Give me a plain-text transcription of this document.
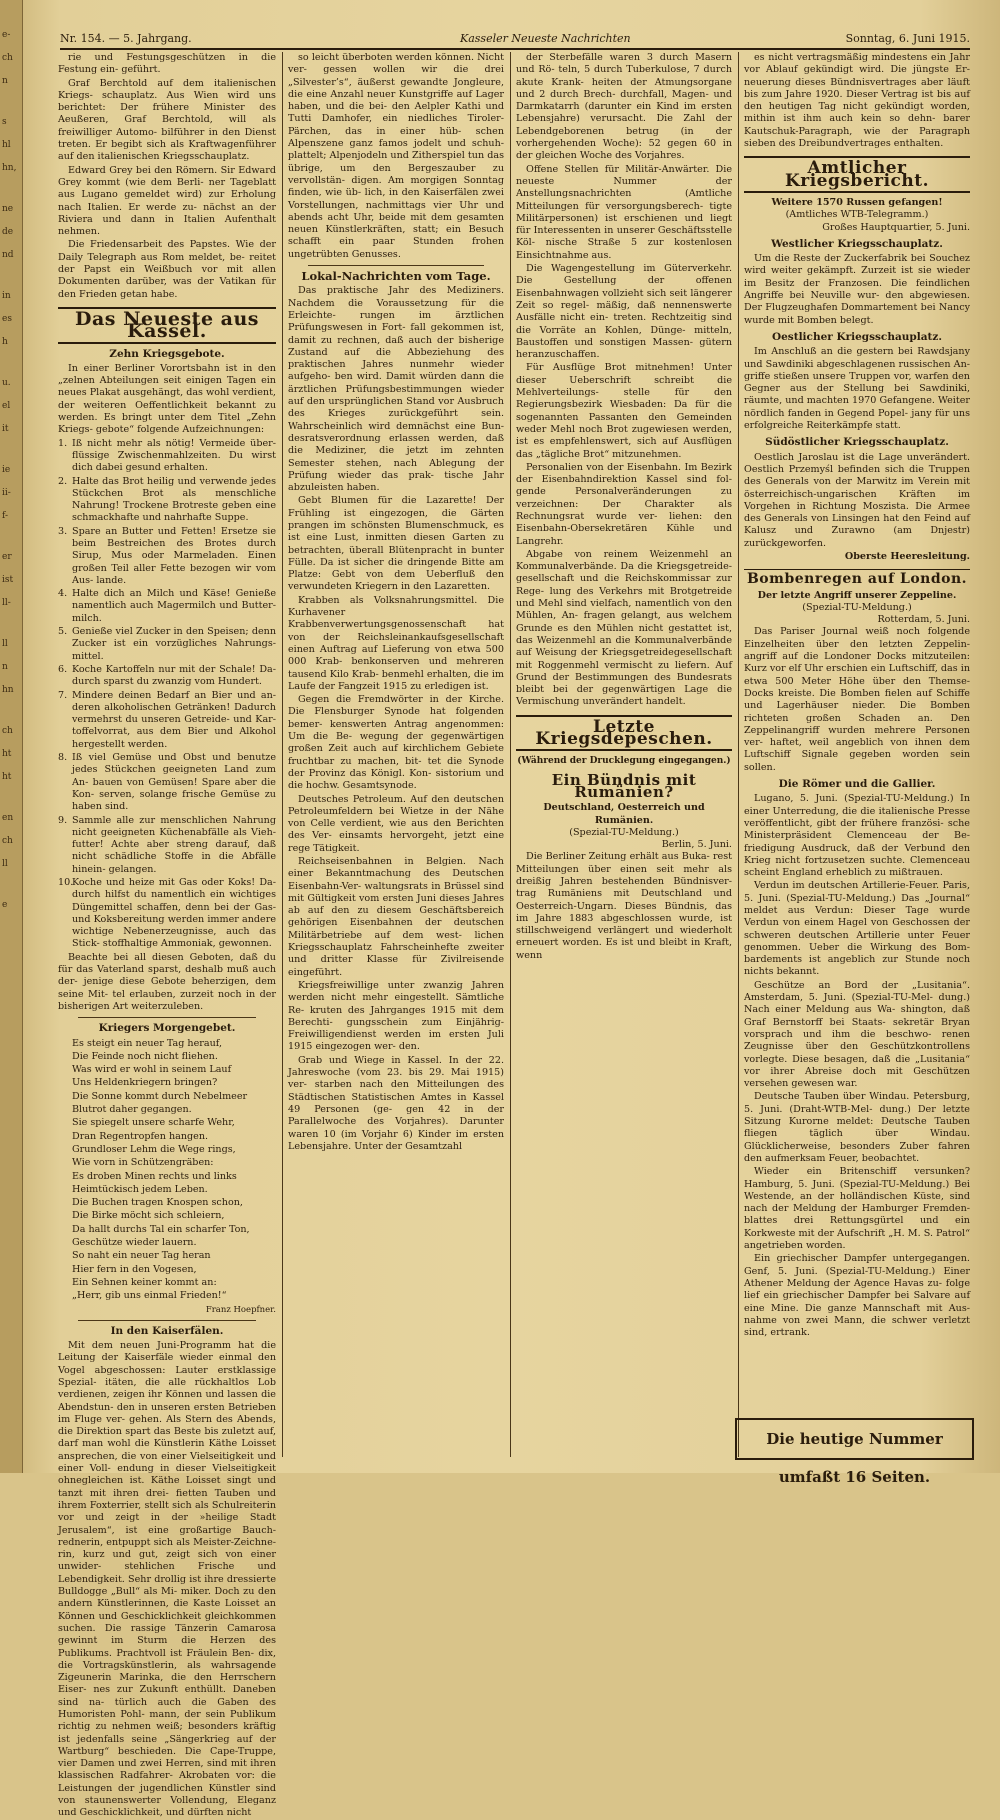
e-
ch
n
s
hl
hn,
ne
de
nd
in
es
h
u.
el
it
ie
ii-
f-
er
ist
ll-
ll
n
hn
ch
ht
ht
en
ch
ll
e
Nr. 154. — 5. Jahrgang.	Kasseler Neueste Nachrichten	Sonntag, 6. Juni 1915.

rie und Festungsgeschützen in die Festung ein- geführt.

Graf Berchtold auf dem italienischen Kriegs- schauplatz. Aus Wien wird uns berichtet: Der frühere Minister des Aeußeren, Graf Berchtold, will als freiwilliger Automo- bilführer in den Dienst treten. Er begibt sich als Kraftwagenführer auf den italienischen Kriegsschauplatz.

Edward Grey bei den Römern. Sir Edward Grey kommt (wie dem Berli- ner Tageblatt aus Lugano gemeldet wird) zur Erholung nach Italien. Er werde zu- nächst an der Riviera und dann in Italien Aufenthalt nehmen.

Die Friedensarbeit des Papstes. Wie der Daily Telegraph aus Rom meldet, be- reitet der Papst ein Weißbuch vor mit allen Dokumenten darüber, was der Vatikan für den Frieden getan habe.

Das Neueste aus Kassel.
Zehn Kriegsgebote.

In einer Berliner Vorortsbahn ist in den „zelnen Abteilungen seit einigen Tagen ein neues Plakat ausgehängt, das wohl verdient, der weiteren Oeffentlichkeit bekannt zu werden. Es bringt unter dem Titel „Zehn Kriegs- gebote“ folgende Aufzeichnungen:

1. Iß nicht mehr als nötig! Vermeide über- flüssige Zwischenmahlzeiten. Du wirst dich dabei gesund erhalten.

2. Halte das Brot heilig und verwende jedes Stückchen Brot als menschliche Nahrung! Trockene Brotreste geben eine schmackhafte und nahrhafte Suppe.

3. Spare an Butter und Fetten! Ersetze sie beim Bestreichen des Brotes durch Sirup, Mus oder Marmeladen. Einen großen Teil aller Fette bezogen wir vom Aus- lande.

4. Halte dich an Milch und Käse! Genieße namentlich auch Magermilch und Butter- milch.

5. Genieße viel Zucker in den Speisen; denn Zucker ist ein vorzügliches Nahrungs- mittel.

6. Koche Kartoffeln nur mit der Schale! Da- durch sparst du zwanzig vom Hundert.

7. Mindere deinen Bedarf an Bier und an- deren alkoholischen Getränken! Dadurch vermehrst du unseren Getreide- und Kar- toffelvorrat, aus dem Bier und Alkohol hergestellt werden.

8. Iß viel Gemüse und Obst und benutze jedes Stückchen geeigneten Land zum An- bauen von Gemüsen! Spare aber die Kon- serven, solange frische Gemüse zu haben sind.

9. Sammle alle zur menschlichen Nahrung nicht geeigneten Küchenabfälle als Vieh- futter! Achte aber streng darauf, daß nicht schädliche Stoffe in die Abfälle hinein- gelangen.

10.
Koche und heize mit Gas oder Koks! Da- durch hilfst du namentlich ein wichtiges Düngemittel schaffen, denn bei der Gas- und Koksbereitung werden immer andere wichtige Nebenerzeugnisse, auch das Stick- stoffhaltige Ammoniak, gewonnen.

Beachte bei all diesen Geboten, daß du für das Vaterland sparst, deshalb muß auch der- jenige diese Gebote beherzigen, dem seine Mit- tel erlauben, zurzeit noch in der bisherigen Art weiterzuleben.

Kriegers Morgengebet.

Es steigt ein neuer Tag herauf,

Die Feinde noch nicht fliehen.

Was wird er wohl in seinem Lauf

Uns Heldenkriegern bringen?

Die Sonne kommt durch Nebelmeer

Blutrot daher gegangen.

Sie spiegelt unsere scharfe Wehr,

Dran Regentropfen hangen.

Grundloser Lehm die Wege rings,

Wie vorn in Schützengräben:

Es droben Minen rechts und links

Heimtückisch jedem Leben.

Die Buchen tragen Knospen schon,

Die Birke möcht sich schleiern,

Da hallt durchs Tal ein scharfer Ton,

Geschütze wieder lauern.

So naht ein neuer Tag heran

Hier fern in den Vogesen,

Ein Sehnen keiner kommt an:

„Herr, gib uns einmal Frieden!“

Franz Hoepfner.

In den Kaiserfälen.

Mit dem neuen Juni-Programm hat die Leitung der Kaiserfäle wieder einmal den Vogel abgeschossen: Lauter erstklassige Spezial- itäten, die alle rückhaltlos Lob verdienen, zeigen ihr Können und lassen die Abendstun- den in unseren ersten Betrieben im Fluge ver- gehen. Als Stern des Abends, die Direktion spart das Beste bis zuletzt auf, darf man wohl die Künstlerin Käthe Loisset ansprechen, die von einer Vielseitigkeit und einer Voll- endung in dieser Vielseitigkeit ohnegleichen ist. Käthe Loisset singt und tanzt mit ihren drei- fietten Tauben und ihrem Foxterrier, stellt sich als Schulreiterin vor und zeigt in der »heilige Stadt Jerusalem“, ist eine großartige Bauch- rednerin, entpuppt sich als Meister-Zeichne- rin, kurz und gut, zeigt sich von einer unwider- stehlichen Frische und Lebendigkeit. Sehr drollig ist ihre dressierte Bulldogge „Bull“ als Mi- miker. Doch zu den andern Künstlerinnen, die Kaste Loisset an Können und Geschicklichkeit gleichkommen suchen. Die rassige Tänzerin Camarosa gewinnt im Sturm die Herzen des Publikums. Prachtvoll ist Fräulein Ben- dix, die Vortragskünstlerin, als wahrsagende Zigeunerin Marinka, die den Herrschern Eiser- nes zur Zukunft enthüllt. Daneben sind na- türlich auch die Gaben des Humoristen Pohl- mann, der sein Publikum richtig zu nehmen weiß; besonders kräftig ist jedenfalls seine „Sängerkrieg auf der Wartburg“ beschieden. Die Cape-Truppe, vier Damen und zwei Herren, sind mit ihren klassischen Radfahrer- Akrobaten vor: die Leistungen der jugendlichen Künstler sind von staunenswerter Vollendung, Eleganz und Geschicklichkeit, und dürften nicht

so leicht überboten werden können. Nicht ver- gessen wollen wir die drei „Silvester’s“, äußerst gewandte Jongleure, die eine Anzahl neuer Kunstgriffe auf Lager haben, und die bei- den Aelpler Kathi und Tutti Damhofer, ein niedliches Tiroler-Pärchen, das in einer hüb- schen Alpenszene ganz famos jodelt und schuh- plattelt; Alpenjodeln und Zitherspiel tun das übrige, um den Bergeszauber zu vervollstän- digen. Am morgigen Sonntag finden, wie üb- lich, in den Kaiserfälen zwei Vorstellungen, nachmittags vier Uhr und abends acht Uhr, beide mit dem gesamten neuen Künstlerkräften, statt; ein Besuch schafft ein paar Stunden frohen ungetrübten Genusses.

Lokal-Nachrichten vom Tage.

Das praktische Jahr des Mediziners. Nachdem die Voraussetzung für die Erleichte- rungen im ärztlichen Prüfungswesen in Fort- fall gekommen ist, damit zu rechnen, daß auch der bisherige Zustand auf die Abbeziehung des praktischen Jahres nunmehr wieder aufgeho- ben wird. Damit würden dann die ärztlichen Prüfungsbestimmungen wieder auf den ursprünglichen Stand vor Ausbruch des Krieges zurückgeführt sein. Wahrscheinlich wird demnächst eine Bun- desratsverordnung erlassen werden, daß die Mediziner, die jetzt im zehnten Semester stehen, nach Ablegung der Prüfung wieder das prak- tische Jahr abzuleisten haben.

Gebt Blumen für die Lazarette! Der Frühling ist eingezogen, die Gärten prangen im schönsten Blumenschmuck, es ist eine Lust, inmitten diesen Garten zu betrachten, überall Blütenpracht in bunter Fülle. Da ist sicher die dringende Bitte am Platze: Gebt von dem Ueberfluß den verwundeten Kriegern in den Lazaretten.

Krabben als Volksnahrungsmittel. Die Kurhavener Krabbenverwertungsgenossenschaft hat von der Reichsleinankaufsgesellschaft einen Auftrag auf Lieferung von etwa 500 000 Krab- benkonserven und mehreren tausend Kilo Krab- benmehl erhalten, die im Laufe der Fangzeit 1915 zu erledigen ist.

Gegen die Fremdwörter in der Kirche. Die Flensburger Synode hat folgenden bemer- kenswerten Antrag angenommen: Um die Be- wegung der gegenwärtigen großen Zeit auch auf kirchlichem Gebiete fruchtbar zu machen, bit- tet die Synode der Provinz das Königl. Kon- sistorium und die hochw. Gesamtsynode.

Deutsches Petroleum. Auf den deutschen Petroleumfeldern bei Wietze in der Nähe von Celle verdient, wie aus den Berichten des Ver- einsamts hervorgeht, jetzt eine rege Tätigkeit.

Reichseisenbahnen in Belgien. Nach einer Bekanntmachung des Deutschen Eisenbahn-Ver- waltungsrats in Brüssel sind mit Gültigkeit vom ersten Juni dieses Jahres ab auf den zu diesem Geschäftsbereich gehörigen Eisenbahnen der deutschen Militärbetriebe auf dem west- lichen Kriegsschauplatz Fahrscheinhefte zweiter und dritter Klasse für Zivilreisende eingeführt.

Kriegsfreiwillige unter zwanzig Jahren werden nicht mehr eingestellt. Sämtliche Re- kruten des Jahrganges 1915 mit dem Berechti- gungsschein zum Einjährig-Freiwilligendienst werden im ersten Juli 1915 eingezogen wer- den.

Grab und Wiege in Kassel. In der 22. Jahreswoche (vom 23. bis 29. Mai 1915) ver- starben nach den Mitteilungen des Städtischen Statistischen Amtes in Kassel 49 Personen (ge- gen 42 in der Parallelwoche des Vorjahres). Darunter waren 10 (im Vorjahr 6) Kinder im ersten Lebensjahre. Unter der Gesamtzahl

der Sterbefälle waren 3 durch Masern und Rö- teln, 5 durch Tuberkulose, 7 durch akute Krank- heiten der Atmungsorgane und 2 durch Brech- durchfall, Magen- und Darmkatarrh (darunter ein Kind im ersten Lebensjahre) verursacht. Die Zahl der Lebendgeborenen betrug (in der vorhergehenden Woche): 52 gegen 60 in der gleichen Woche des Vorjahres.

Offene Stellen für Militär-Anwärter. Die neueste Nummer der Anstellungsnachrichten (Amtliche Mitteilungen für versorgungsberech- tigte Militärpersonen) ist erschienen und liegt für Interessenten in unserer Geschäftsstelle Köl- nische Straße 5 zur kostenlosen Einsichtnahme aus.

Die Wagengestellung im Güterverkehr. Die Gestellung der offenen Eisenbahnwagen vollzieht sich seit längerer Zeit so regel- mäßig, daß nennenswerte Ausfälle nicht ein- treten. Rechtzeitig sind die Vorräte an Kohlen, Dünge- mitteln, Baustoffen und sonstigen Massen- gütern heranzuschaffen.

Für Ausflüge Brot mitnehmen! Unter dieser Ueberschrift schreibt die Mehlverteilungs- stelle für den Regierungsbezirk Wiesbaden: Da für die sogenannten Passanten den Gemeinden weder Mehl noch Brot zugewiesen werden, ist es empfehlenswert, sich auf Ausflügen das „tägliche Brot“ mitzunehmen.

Personalien von der Eisenbahn. Im Bezirk der Eisenbahndirektion Kassel sind fol- gende Personalveränderungen zu verzeichnen: Der Charakter als Rechnungsrat wurde ver- liehen: den Eisenbahn-Obersekretären Kühle und Langrehr.

Abgabe von reinem Weizenmehl an Kommunalverbände. Da die Kriegsgetreide- gesellschaft und die Reichskommissar zur Rege- lung des Verkehrs mit Brotgetreide und Mehl sind vielfach, namentlich von den Mühlen, An- fragen gelangt, aus welchem Grunde es den Mühlen nicht gestattet ist, das Weizenmehl an die Kommunalverbände auf Weisung der Kriegsgetreidegesellschaft mit Roggenmehl vermischt zu liefern. Auf Grund der Bestimmungen des Bundesrats bleibt bei der gegenwärtigen Lage die Vermischung unverändert handelt.

Letzte Kriegsdepeschen.
(Während der Drucklegung eingegangen.)
Ein Bündnis mit Rumänien?
Deutschland, Oesterreich und Rumänien.
(Spezial-TU-Meldung.)
Berlin, 5. Juni.

Die Berliner Zeitung erhält aus Buka- rest Mitteilungen über einen seit mehr als dreißig Jahren bestehenden Bündnisver- trag Rumäniens mit Deutschland und Oesterreich-Ungarn. Dieses Bündnis, das im Jahre 1883 abgeschlossen wurde, ist stillschweigend verlängert und wiederholt erneuert worden. Es ist und bleibt in Kraft, wenn

es nicht vertragsmäßig mindestens ein Jahr vor Ablauf gekündigt wird. Die jüngste Er- neuerung dieses Bündnisvertrages aber läuft bis zum Jahre 1920. Dieser Vertrag ist bis auf den heutigen Tag nicht gekündigt worden, mithin ist ihm auch kein so dehn- barer Kautschuk-Paragraph, wie der Paragraph sieben des Dreibundvertrages enthalten.

Amtlicher Kriegsbericht.
Weitere 1570 Russen gefangen!
(Amtliches WTB-Telegramm.)
Großes Hauptquartier, 5. Juni.
Westlicher Kriegsschauplatz.

Um die Reste der Zuckerfabrik bei Souchez wird weiter gekämpft. Zurzeit ist sie wieder im Besitz der Franzosen. Die feindlichen Angriffe bei Neuville wur- den abgewiesen. Der Flugzeughafen Dommartement bei Nancy wurde mit Bomben belegt.

Oestlicher Kriegsschauplatz.

Im Anschluß an die gestern bei Rawdsjany und Sawdiniki abgeschlagenen russischen An- griffe stießen unsere Truppen vor, warfen den Gegner aus der Stellung bei Sawdiniki, räumte, und machten 1970 Gefangene. Weiter nördlich fanden in Gegend Popel- jany für uns erfolgreiche Reiterkämpfe statt.

Südöstlicher Kriegsschauplatz.

Oestlich Jaroslau ist die Lage unverändert. Oestlich Przemyśl befinden sich die Truppen des Generals von der Marwitz im Verein mit österreichisch-ungarischen Kräften im Vorgehen in Richtung Moszista. Die Armee des Generals von Linsingen hat den Feind auf Kalusz und Zurawno (am Dnjestr) zurückgeworfen.

Oberste Heeresleitung.
Bombenregen auf London.
Der letzte Angriff unserer Zeppeline.
(Spezial-TU-Meldung.)
Rotterdam, 5. Juni.

Das Pariser Journal weiß noch folgende Einzelheiten über den letzten Zeppelin- angriff auf die Londoner Docks mitzuteilen: Kurz vor elf Uhr erschien ein Luftschiff, das in etwa 500 Meter Höhe über den Themse-Docks kreiste. Die Bomben fielen auf Schiffe und Lagerhäuser nieder. Die Bomben richteten großen Schaden an. Den Zeppelinangriff wurden mehrere Personen ver- haftet, weil angeblich von ihnen dem Luftschiff Signale gegeben worden sein sollen.

Die Römer und die Gallier.

Lugano, 5. Juni. (Spezial-TU-Meldung.) In einer Unterredung, die die italienische Presse veröffentlicht, gibt der frühere französi- sche Ministerpräsident Clemenceau der Be- friedigung Ausdruck, daß der Verbund den Krieg nicht fortzusetzen suchte. Clemenceau scheint England erheblich zu mißtrauen.

Verdun im deutschen Artillerie-Feuer. Paris, 5. Juni. (Spezial-TU-Meldung.) Das „Journal“ meldet aus Verdun: Dieser Tage wurde Verdun von einem Hagel von Geschossen der schweren deutschen Artillerie unter Feuer genommen. Ueber die Wirkung des Bom- bardements ist angeblich zur Stunde noch nichts bekannt.

Geschütze an Bord der „Lusitania“. Amsterdam, 5. Juni. (Spezial-TU-Mel- dung.) Nach einer Meldung aus Wa- shington, daß Graf Bernstorff bei Staats- sekretär Bryan vorsprach und ihm die beschwo- renen Zeugnisse über den Geschützkontrollens vorlegte. Diese besagen, daß die „Lusitania“ vor ihrer Abreise doch mit Geschützen versehen gewesen war.

Deutsche Tauben über Windau. Petersburg, 5. Juni. (Draht-WTB-Mel- dung.) Der letzte Sitzung Kurorne meldet: Deutsche Tauben fliegen täglich über Windau. Glücklicherweise, besonders Zuber fahren den aufmerksam Feuer, beobachtet.

Wieder ein Britenschiff versunken? Hamburg, 5. Juni. (Spezial-TU-Meldung.) Bei Westende, an der holländischen Küste, sind nach der Meldung der Hamburger Fremden- blattes drei Rettungsgürtel und ein Korkweste mit der Aufschrift „H. M. S. Patrol“ angetrieben worden.

Ein griechischer Dampfer untergegangen. Genf, 5. Juni. (Spezial-TU-Meldung.) Einer Athener Meldung der Agence Havas zu- folge lief ein griechischer Dampfer bei Salvare auf eine Mine. Die ganze Mannschaft mit Aus- nahme von zwei Mann, die schwer verletzt sind, ertrank.

Die heutige Nummer umfaßt 16 Seiten.
